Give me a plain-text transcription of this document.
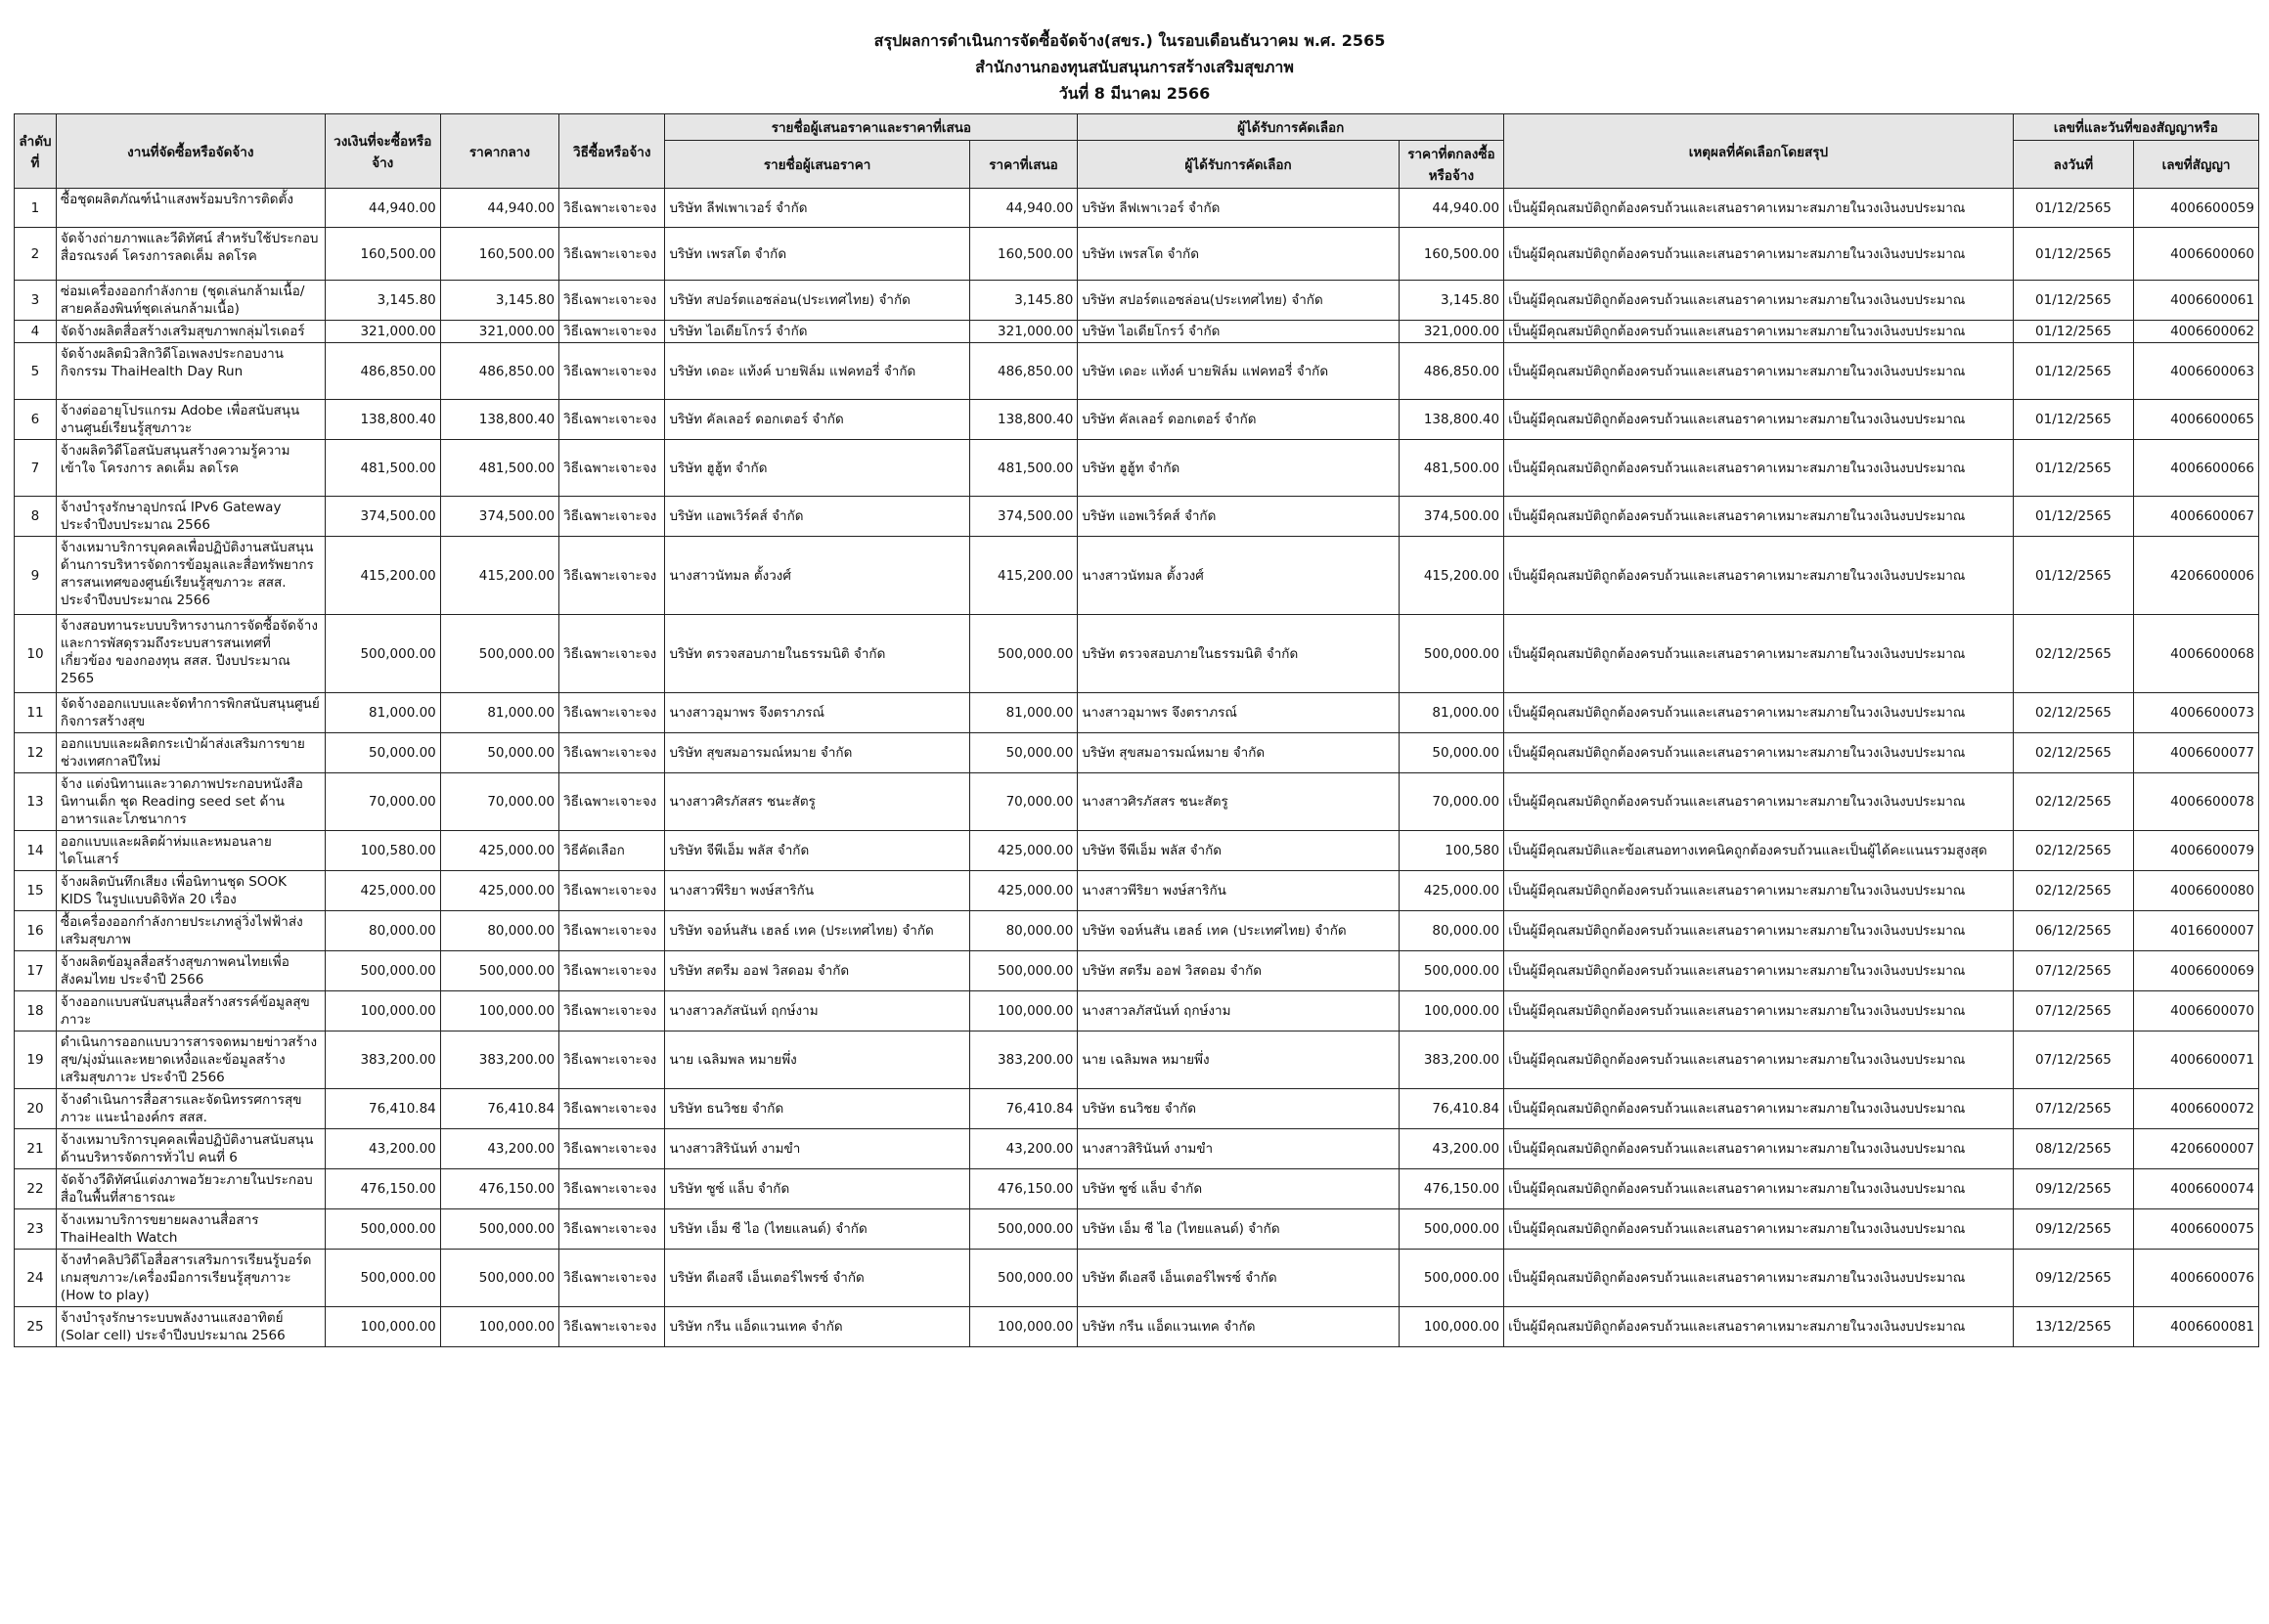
สรุปผลการดำเนินการจัดซื้อจัดจ้าง(สขร.) ในรอบเดือนธันวาคม พ.ศ. 2565
สำนักงานกองทุนสนับสนุนการสร้างเสริมสุขภาพ
วันที่ 8 มีนาคม 2566
ลำดับที่	งานที่จัดซื้อหรือจัดจ้าง	วงเงินที่จะซื้อหรือจ้าง	ราคากลาง	วิธีซื้อหรือจ้าง	รายชื่อผู้เสนอราคาและราคาที่เสนอ		ผู้ได้รับการคัดเลือก		เหตุผลที่คัดเลือกโดยสรุป	เลขที่และวันที่ของสัญญาหรือ	
					รายชื่อผู้เสนอราคา	ราคาที่เสนอ	ผู้ได้รับการคัดเลือก	ราคาที่ตกลงซื้อหรือจ้าง		ลงวันที่	เลขที่สัญญา
1	ซื้อชุดผลิตภัณฑ์นำแสงพร้อมบริการติดตั้ง	44,940.00	44,940.00	วิธีเฉพาะเจาะจง	บริษัท ลีฟเพาเวอร์ จำกัด	44,940.00	บริษัท ลีฟเพาเวอร์ จำกัด	44,940.00	เป็นผู้มีคุณสมบัติถูกต้องครบถ้วนและเสนอราคาเหมาะสมภายในวงเงินงบประมาณ	01/12/2565	4006600059
2	จัดจ้างถ่ายภาพและวีดิทัศน์ สำหรับใช้ประกอบสื่อรณรงค์ โครงการลดเค็ม ลดโรค	160,500.00	160,500.00	วิธีเฉพาะเจาะจง	บริษัท เพรสโต จำกัด	160,500.00	บริษัท เพรสโต จำกัด	160,500.00	เป็นผู้มีคุณสมบัติถูกต้องครบถ้วนและเสนอราคาเหมาะสมภายในวงเงินงบประมาณ	01/12/2565	4006600060
3	ซ่อมเครื่องออกกำลังกาย (ชุดเล่นกล้ามเนื้อ/สายคล้องพินท์ชุดเล่นกล้ามเนื้อ)	3,145.80	3,145.80	วิธีเฉพาะเจาะจง	บริษัท สปอร์ตแอซล่อน(ประเทศไทย) จำกัด	3,145.80	บริษัท สปอร์ตแอซล่อน(ประเทศไทย) จำกัด	3,145.80	เป็นผู้มีคุณสมบัติถูกต้องครบถ้วนและเสนอราคาเหมาะสมภายในวงเงินงบประมาณ	01/12/2565	4006600061
4	จัดจ้างผลิตสื่อสร้างเสริมสุขภาพกลุ่มไรเดอร์	321,000.00	321,000.00	วิธีเฉพาะเจาะจง	บริษัท ไอเดียโกรว์ จำกัด	321,000.00	บริษัท ไอเดียโกรว์ จำกัด	321,000.00	เป็นผู้มีคุณสมบัติถูกต้องครบถ้วนและเสนอราคาเหมาะสมภายในวงเงินงบประมาณ	01/12/2565	4006600062
5	จัดจ้างผลิตมิวสิกวิดีโอเพลงประกอบงานกิจกรรม ThaiHealth Day Run	486,850.00	486,850.00	วิธีเฉพาะเจาะจง	บริษัท เดอะ แท้งค์ บายฟิล์ม แฟคทอรี่ จำกัด	486,850.00	บริษัท เดอะ แท้งค์ บายฟิล์ม แฟคทอรี่ จำกัด	486,850.00	เป็นผู้มีคุณสมบัติถูกต้องครบถ้วนและเสนอราคาเหมาะสมภายในวงเงินงบประมาณ	01/12/2565	4006600063
6	จ้างต่ออายุโปรแกรม Adobe เพื่อสนับสนุนงานศูนย์เรียนรู้สุขภาวะ	138,800.40	138,800.40	วิธีเฉพาะเจาะจง	บริษัท คัลเลอร์ ดอกเตอร์ จำกัด	138,800.40	บริษัท คัลเลอร์ ดอกเตอร์ จำกัด	138,800.40	เป็นผู้มีคุณสมบัติถูกต้องครบถ้วนและเสนอราคาเหมาะสมภายในวงเงินงบประมาณ	01/12/2565	4006600065
7	จ้างผลิตวิดีโอสนับสนุนสร้างความรู้ความเข้าใจ โครงการ ลดเค็ม ลดโรค	481,500.00	481,500.00	วิธีเฉพาะเจาะจง	บริษัท ฮูฮู้ท จำกัด	481,500.00	บริษัท ฮูฮู้ท จำกัด	481,500.00	เป็นผู้มีคุณสมบัติถูกต้องครบถ้วนและเสนอราคาเหมาะสมภายในวงเงินงบประมาณ	01/12/2565	4006600066
8	จ้างบำรุงรักษาอุปกรณ์ IPv6 Gateway ประจำปีงบประมาณ 2566	374,500.00	374,500.00	วิธีเฉพาะเจาะจง	บริษัท แอพเวิร์คส์ จำกัด	374,500.00	บริษัท แอพเวิร์คส์ จำกัด	374,500.00	เป็นผู้มีคุณสมบัติถูกต้องครบถ้วนและเสนอราคาเหมาะสมภายในวงเงินงบประมาณ	01/12/2565	4006600067
9	จ้างเหมาบริการบุคคลเพื่อปฏิบัติงานสนับสนุนด้านการบริหารจัดการข้อมูลและสื่อทรัพยากรสารสนเทศของศูนย์เรียนรู้สุขภาวะ สสส. ประจำปีงบประมาณ 2566	415,200.00	415,200.00	วิธีเฉพาะเจาะจง	นางสาวนัทมล ตั้งวงศ์	415,200.00	นางสาวนัทมล ตั้งวงศ์	415,200.00	เป็นผู้มีคุณสมบัติถูกต้องครบถ้วนและเสนอราคาเหมาะสมภายในวงเงินงบประมาณ	01/12/2565	4206600006
10	จ้างสอบทานระบบบริหารงานการจัดซื้อจัดจ้างและการพัสดุรวมถึงระบบสารสนเทศที่เกี่ยวข้อง ของกองทุน สสส. ปีงบประมาณ 2565	500,000.00	500,000.00	วิธีเฉพาะเจาะจง	บริษัท ตรวจสอบภายในธรรมนิติ จำกัด	500,000.00	บริษัท ตรวจสอบภายในธรรมนิติ จำกัด	500,000.00	เป็นผู้มีคุณสมบัติถูกต้องครบถ้วนและเสนอราคาเหมาะสมภายในวงเงินงบประมาณ	02/12/2565	4006600068
11	จัดจ้างออกแบบและจัดทำการพิกสนับสนุนศูนย์กิจการสร้างสุข	81,000.00	81,000.00	วิธีเฉพาะเจาะจง	นางสาวอุมาพร จึงตราภรณ์	81,000.00	นางสาวอุมาพร จึงตราภรณ์	81,000.00	เป็นผู้มีคุณสมบัติถูกต้องครบถ้วนและเสนอราคาเหมาะสมภายในวงเงินงบประมาณ	02/12/2565	4006600073
12	ออกแบบและผลิตกระเป๋าผ้าส่งเสริมการขายช่วงเทศกาลปีใหม่	50,000.00	50,000.00	วิธีเฉพาะเจาะจง	บริษัท สุขสมอารมณ์หมาย จำกัด	50,000.00	บริษัท สุขสมอารมณ์หมาย จำกัด	50,000.00	เป็นผู้มีคุณสมบัติถูกต้องครบถ้วนและเสนอราคาเหมาะสมภายในวงเงินงบประมาณ	02/12/2565	4006600077
13	จ้าง แต่งนิทานและวาดภาพประกอบหนังสือนิทานเด็ก ชุด Reading seed set ด้านอาหารและโภชนาการ	70,000.00	70,000.00	วิธีเฉพาะเจาะจง	นางสาวศิรภัสสร ชนะสัตรู	70,000.00	นางสาวศิรภัสสร ชนะสัตรู	70,000.00	เป็นผู้มีคุณสมบัติถูกต้องครบถ้วนและเสนอราคาเหมาะสมภายในวงเงินงบประมาณ	02/12/2565	4006600078
14	ออกแบบและผลิตผ้าห่มและหมอนลายไดโนเสาร์	100,580.00	425,000.00	วิธีคัดเลือก	บริษัท จีพีเอ็ม พลัส จำกัด	425,000.00	บริษัท จีพีเอ็ม พลัส จำกัด	100,580	เป็นผู้มีคุณสมบัติและข้อเสนอทางเทคนิคถูกต้องครบถ้วนและเป็นผู้ได้คะแนนรวมสูงสุด	02/12/2565	4006600079
15	จ้างผลิตบันทึกเสียง เพื่อนิทานชุด SOOK KIDS ในรูปแบบดิจิทัล 20 เรื่อง	425,000.00	425,000.00	วิธีเฉพาะเจาะจง	นางสาวพีริยา พงษ์สาริกัน	425,000.00	นางสาวพีริยา พงษ์สาริกัน	425,000.00	เป็นผู้มีคุณสมบัติถูกต้องครบถ้วนและเสนอราคาเหมาะสมภายในวงเงินงบประมาณ	02/12/2565	4006600080
16	ซื้อเครื่องออกกำลังกายประเภทลู่วิ่งไฟฟ้าส่งเสริมสุขภาพ	80,000.00	80,000.00	วิธีเฉพาะเจาะจง	บริษัท จอห์นสัน เฮลธ์ เทค (ประเทศไทย) จำกัด	80,000.00	บริษัท จอห์นสัน เฮลธ์ เทค (ประเทศไทย) จำกัด	80,000.00	เป็นผู้มีคุณสมบัติถูกต้องครบถ้วนและเสนอราคาเหมาะสมภายในวงเงินงบประมาณ	06/12/2565	4016600007
17	จ้างผลิตข้อมูลสื่อสร้างสุขภาพคนไทยเพื่อสังคมไทย ประจำปี 2566	500,000.00	500,000.00	วิธีเฉพาะเจาะจง	บริษัท สตรีม ออฟ วิสดอม จำกัด	500,000.00	บริษัท สตรีม ออฟ วิสดอม จำกัด	500,000.00	เป็นผู้มีคุณสมบัติถูกต้องครบถ้วนและเสนอราคาเหมาะสมภายในวงเงินงบประมาณ	07/12/2565	4006600069
18	จ้างออกแบบสนับสนุนสื่อสร้างสรรค์ข้อมูลสุขภาวะ	100,000.00	100,000.00	วิธีเฉพาะเจาะจง	นางสาวลภัสนันท์ ฤกษ์งาม	100,000.00	นางสาวลภัสนันท์ ฤกษ์งาม	100,000.00	เป็นผู้มีคุณสมบัติถูกต้องครบถ้วนและเสนอราคาเหมาะสมภายในวงเงินงบประมาณ	07/12/2565	4006600070
19	ดำเนินการออกแบบวารสารจดหมายข่าวสร้างสุข/มุ่งมั่นและหยาดเหงื่อและข้อมูลสร้างเสริมสุขภาวะ ประจำปี 2566	383,200.00	383,200.00	วิธีเฉพาะเจาะจง	นาย เฉลิมพล หมายพึ่ง	383,200.00	นาย เฉลิมพล หมายพึ่ง	383,200.00	เป็นผู้มีคุณสมบัติถูกต้องครบถ้วนและเสนอราคาเหมาะสมภายในวงเงินงบประมาณ	07/12/2565	4006600071
20	จ้างดำเนินการสื่อสารและจัดนิทรรศการสุขภาวะ แนะนำองค์กร สสส.	76,410.84	76,410.84	วิธีเฉพาะเจาะจง	บริษัท ธนวิชย จำกัด	76,410.84	บริษัท ธนวิชย จำกัด	76,410.84	เป็นผู้มีคุณสมบัติถูกต้องครบถ้วนและเสนอราคาเหมาะสมภายในวงเงินงบประมาณ	07/12/2565	4006600072
21	จ้างเหมาบริการบุคคลเพื่อปฏิบัติงานสนับสนุนด้านบริหารจัดการทั่วไป คนที่ 6	43,200.00	43,200.00	วิธีเฉพาะเจาะจง	นางสาวสิรินันท์ งามขำ	43,200.00	นางสาวสิรินันท์ งามขำ	43,200.00	เป็นผู้มีคุณสมบัติถูกต้องครบถ้วนและเสนอราคาเหมาะสมภายในวงเงินงบประมาณ	08/12/2565	4206600007
22	จัดจ้างวีดิทัศน์แต่งภาพอวัยวะภายในประกอบสื่อในพื้นที่สาธารณะ	476,150.00	476,150.00	วิธีเฉพาะเจาะจง	บริษัท ซูซ์ แล็บ จำกัด	476,150.00	บริษัท ซูซ์ แล็บ จำกัด	476,150.00	เป็นผู้มีคุณสมบัติถูกต้องครบถ้วนและเสนอราคาเหมาะสมภายในวงเงินงบประมาณ	09/12/2565	4006600074
23	จ้างเหมาบริการขยายผลงานสื่อสาร ThaiHealth Watch	500,000.00	500,000.00	วิธีเฉพาะเจาะจง	บริษัท เอ็ม ซี ไอ (ไทยแลนด์) จำกัด	500,000.00	บริษัท เอ็ม ซี ไอ (ไทยแลนด์) จำกัด	500,000.00	เป็นผู้มีคุณสมบัติถูกต้องครบถ้วนและเสนอราคาเหมาะสมภายในวงเงินงบประมาณ	09/12/2565	4006600075
24	จ้างทำคลิปวิดีโอสื่อสารเสริมการเรียนรู้บอร์ดเกมสุขภาวะ/เครื่องมือการเรียนรู้สุขภาวะ (How to play)	500,000.00	500,000.00	วิธีเฉพาะเจาะจง	บริษัท ดีเอสจี เอ็นเตอร์ไพรซ์ จำกัด	500,000.00	บริษัท ดีเอสจี เอ็นเตอร์ไพรซ์ จำกัด	500,000.00	เป็นผู้มีคุณสมบัติถูกต้องครบถ้วนและเสนอราคาเหมาะสมภายในวงเงินงบประมาณ	09/12/2565	4006600076
25	จ้างบำรุงรักษาระบบพลังงานแสงอาทิตย์ (Solar cell) ประจำปีงบประมาณ 2566	100,000.00	100,000.00	วิธีเฉพาะเจาะจง	บริษัท กรีน แอ็ดแวนเทค จำกัด	100,000.00	บริษัท กรีน แอ็ดแวนเทค จำกัด	100,000.00	เป็นผู้มีคุณสมบัติถูกต้องครบถ้วนและเสนอราคาเหมาะสมภายในวงเงินงบประมาณ	13/12/2565	4006600081
